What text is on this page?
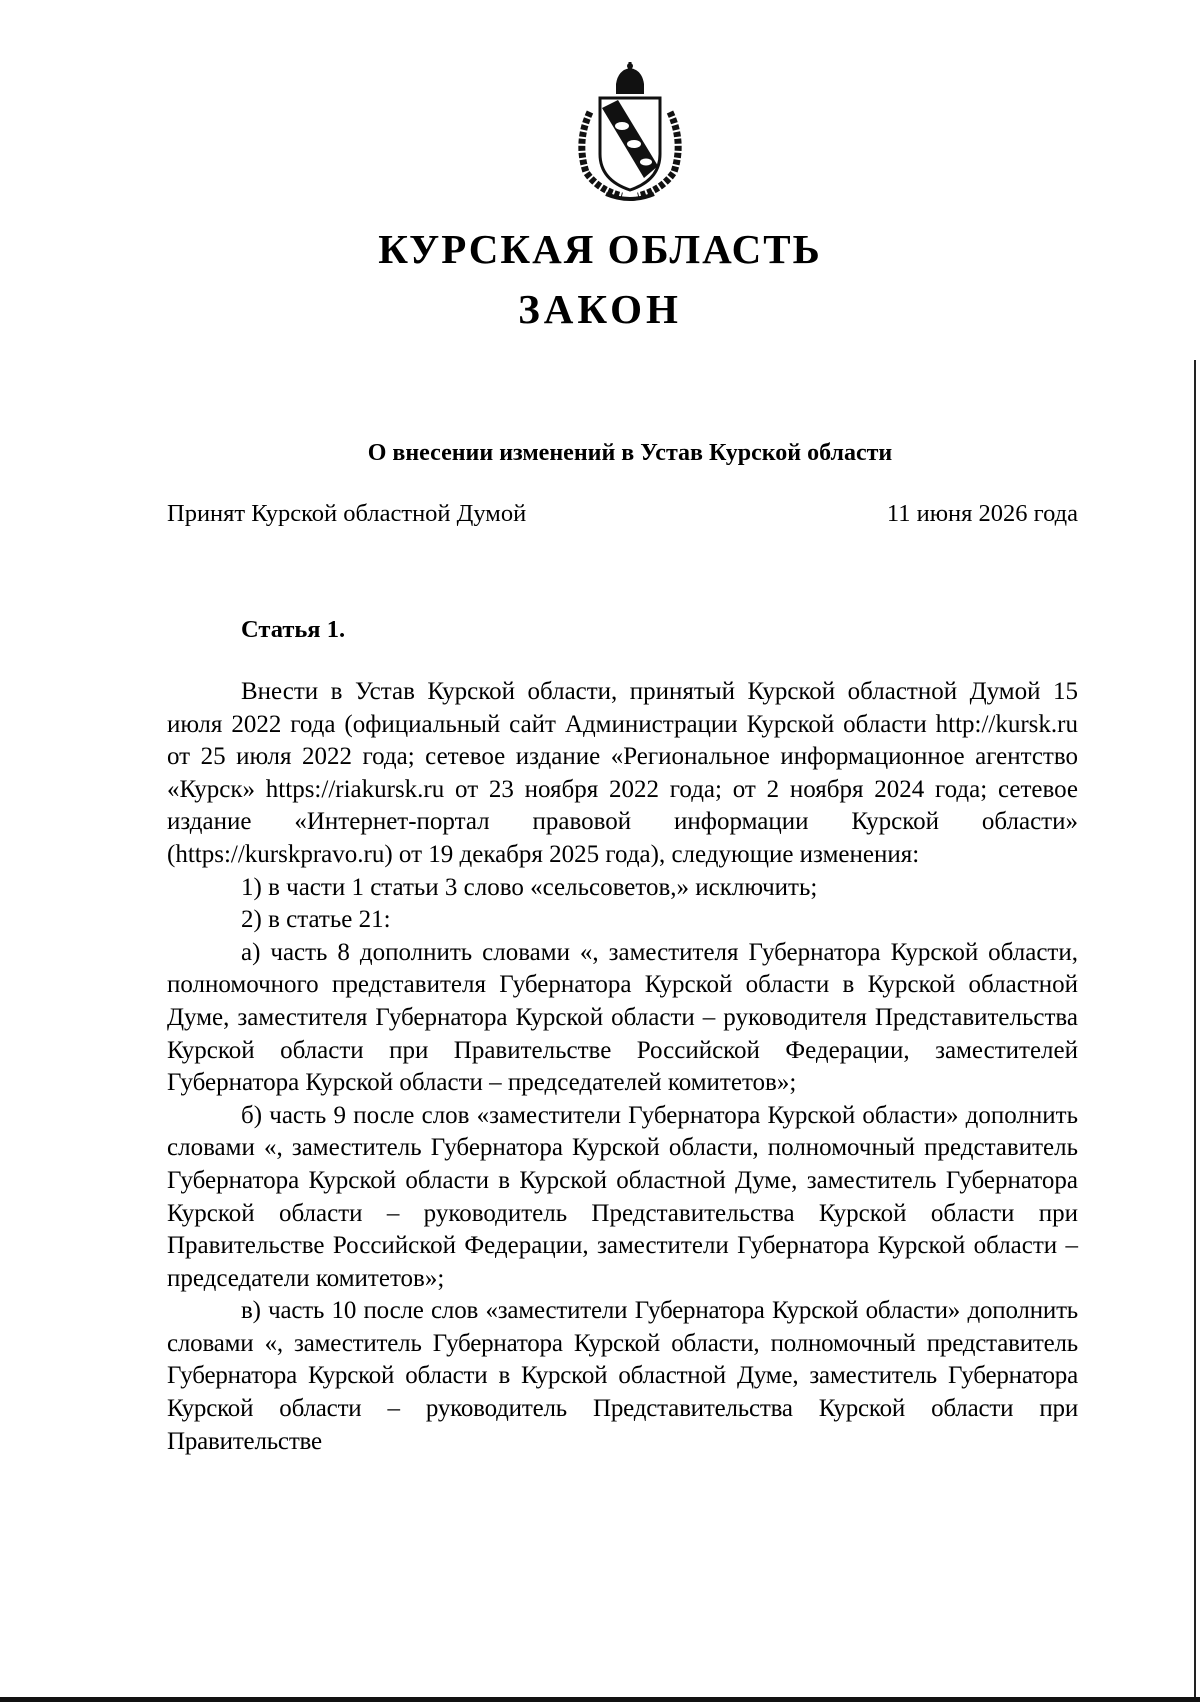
КУРСКАЯ ОБЛАСТЬ
ЗАКОН
О внесении изменений в Устав Курской области
Принят Курской областной Думой	11 июня 2026 года
Статья 1.

Внести в Устав Курской области, принятый Курской областной Думой 15 июля 2022 года (официальный сайт Администрации Курской области http://kursk.ru от 25 июля 2022 года; сетевое издание «Региональное информационное агентство «Курск» https://riakursk.ru от 23 ноября 2022 года; от 2 ноября 2024 года; сетевое издание «Интернет-портал правовой информации Курской области» (https://kurskpravo.ru) от 19 декабря 2025 года), следующие изменения:

1) в части 1 статьи 3 слово «сельсоветов,» исключить;

2) в статье 21:

а) часть 8 дополнить словами «, заместителя Губернатора Курской области, полномочного представителя Губернатора Курской области в Курской областной Думе, заместителя Губернатора Курской области – руководителя Представительства Курской области при Правительстве Российской Федерации, заместителей Губернатора Курской области – председателей комитетов»;

б) часть 9 после слов «заместители Губернатора Курской области» дополнить словами «, заместитель Губернатора Курской области, полномочный представитель Губернатора Курской области в Курской областной Думе, заместитель Губернатора Курской области – руководитель Представительства Курской области при Правительстве Российской Федерации, заместители Губернатора Курской области – председатели комитетов»;

в) часть 10 после слов «заместители Губернатора Курской области» дополнить словами «, заместитель Губернатора Курской области, полномочный представитель Губернатора Курской области в Курской областной Думе, заместитель Губернатора Курской области – руководитель Представительства Курской области при Правительстве
